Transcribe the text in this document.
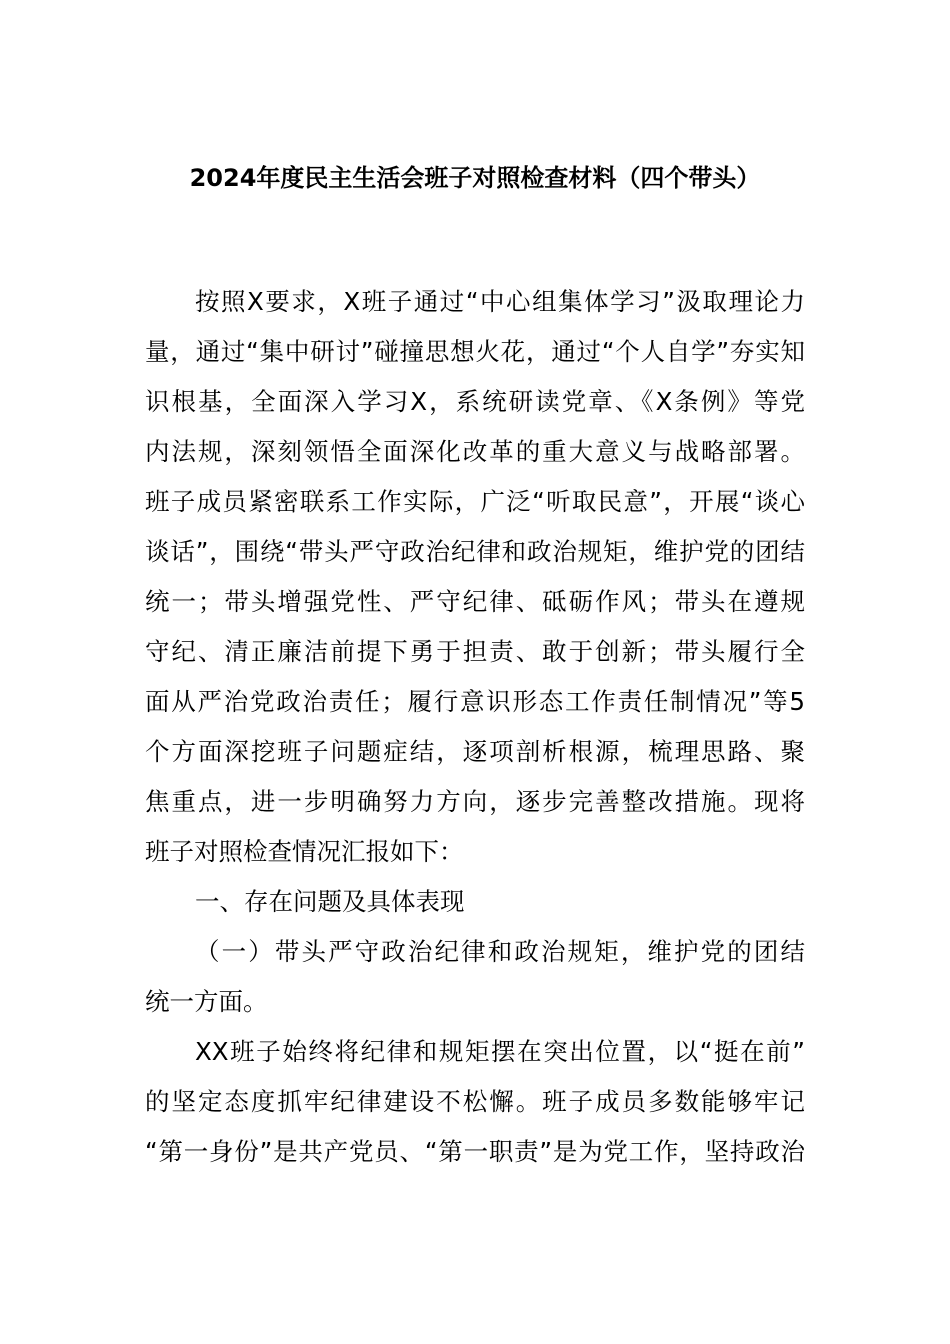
2024年度民主生活会班子对照检查材料（四个带头）
按照X要求，X班子通过“中心组集体学习”汲取理论力
量，通过“集中研讨”碰撞思想火花，通过“个人自学”夯实知
识根基，全面深入学习X，系统研读党章、《X条例》等党
内法规，深刻领悟全面深化改革的重大意义与战略部署。
班子成员紧密联系工作实际，广泛“听取民意”，开展“谈心
谈话”，围绕“带头严守政治纪律和政治规矩，维护党的团结
统一；带头增强党性、严守纪律、砥砺作风；带头在遵规
守纪、清正廉洁前提下勇于担责、敢于创新；带头履行全
面从严治党政治责任；履行意识形态工作责任制情况”等5
个方面深挖班子问题症结，逐项剖析根源，梳理思路、聚
焦重点，进一步明确努力方向，逐步完善整改措施。现将
班子对照检查情况汇报如下：
一、存在问题及具体表现
（一）带头严守政治纪律和政治规矩，维护党的团结
统一方面。
XX班子始终将纪律和规矩摆在突出位置，以“挺在前”
的坚定态度抓牢纪律建设不松懈。班子成员多数能够牢记
“第一身份”是共产党员、“第一职责”是为党工作，坚持政治
